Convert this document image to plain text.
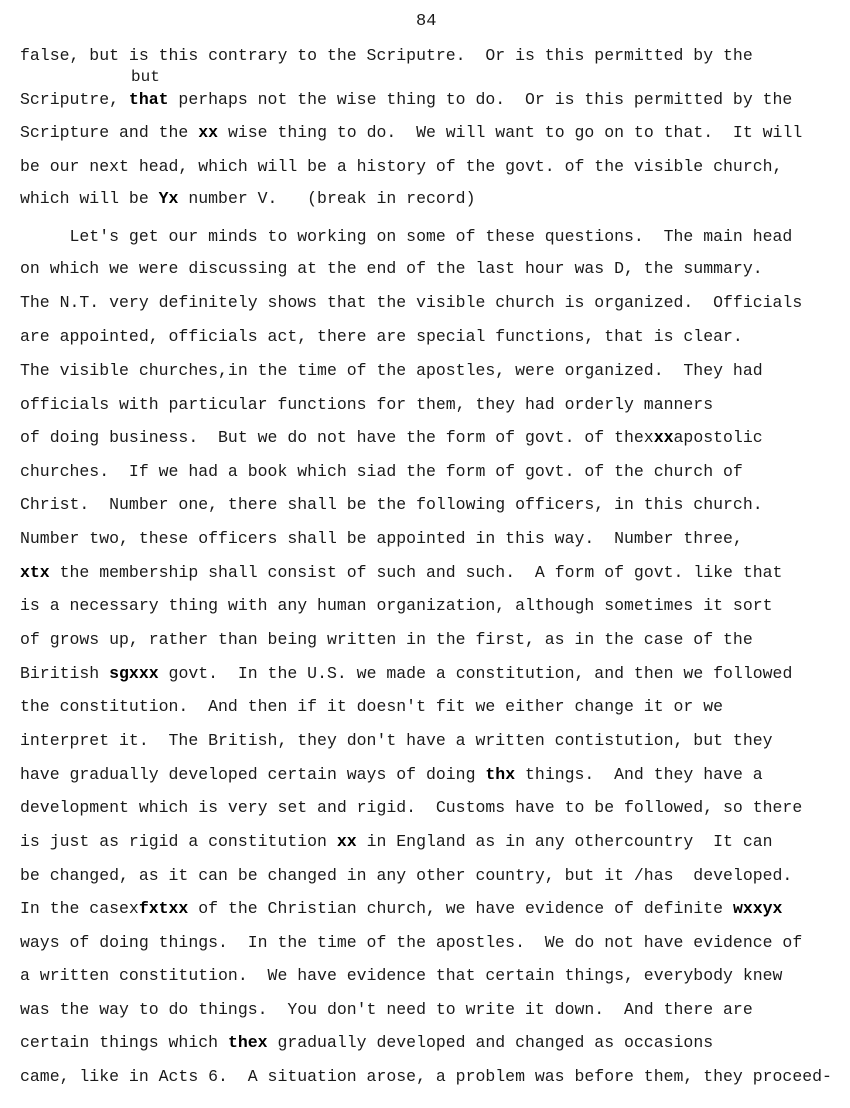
84
but
false, but is this contrary to the Scriputre.  Or is this permitted by the
Scriputre, that perhaps not the wise thing to do.  Or is this permitted by the
Scripture and the xx wise thing to do.  We will want to go on to that.  It will
be our next head, which will be a history of the govt. of the visible church,
which will be Yx number V.   (break in record)
Let's get our minds to working on some of these questions.  The main head
on which we were discussing at the end of the last hour was D, the summary.
The N.T. very definitely shows that the visible church is organized.  Officials
are appointed, officials act, there are special functions, that is clear.
The visible churches,in the time of the apostles, were organized.  They had
officials with particular functions for them, they had orderly manners
of doing business.  But we do not have the form of govt. of thexxxapostolic
churches.  If we had a book which siad the form of govt. of the church of
Christ.  Number one, there shall be the following officers, in this church.
Number two, these officers shall be appointed in this way.  Number three,
xtx the membership shall consist of such and such.  A form of govt. like that
is a necessary thing with any human organization, although sometimes it sort
of grows up, rather than being written in the first, as in the case of the
Biritish sgxxx govt.  In the U.S. we made a constitution, and then we followed
the constitution.  And then if it doesn't fit we either change it or we
interpret it.  The British, they don't have a written contistution, but they
have gradually developed certain ways of doing thx things.  And they have a
development which is very set and rigid.  Customs have to be followed, so there
is just as rigid a constitution xx in England as in any othercountry  It can
be changed, as it can be changed in any other country, but it /has  developed.
In the casexfxtxx of the Christian church, we have evidence of definite wxxyx
ways of doing things.  In the time of the apostles.  We do not have evidence of
a written constitution.  We have evidence that certain things, everybody knew
was the way to do things.  You don't need to write it down.  And there are
certain things which thex gradually developed and changed as occasions
came, like in Acts 6.  A situation arose, a problem was before them, they proceed-
